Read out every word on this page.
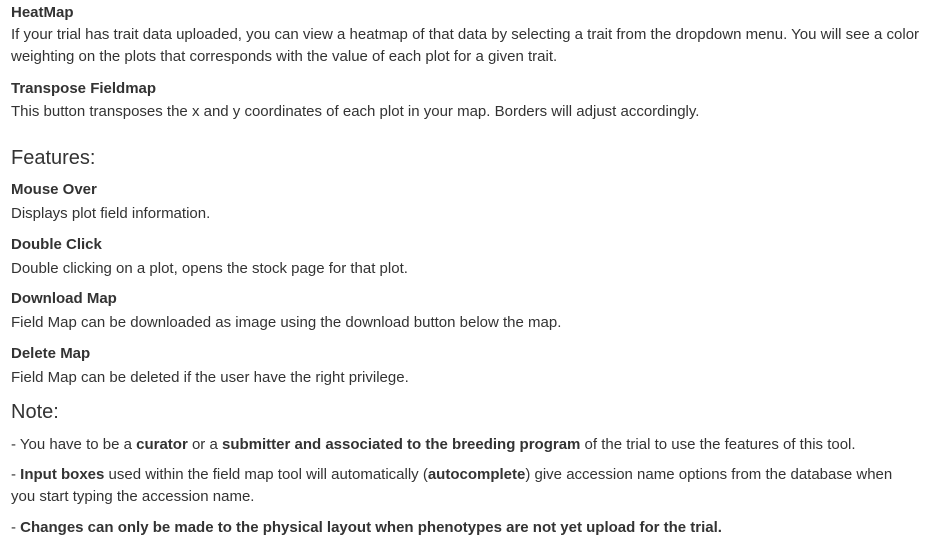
HeatMap

If your trial has trait data uploaded, you can view a heatmap of that data by selecting a trait from the dropdown menu. You will see a color weighting on the plots that corresponds with the value of each plot for a given trait.

Transpose Fieldmap

This button transposes the x and y coordinates of each plot in your map. Borders will adjust accordingly.

Features:

Mouse Over

Displays plot field information.

Double Click

Double clicking on a plot, opens the stock page for that plot.

Download Map

Field Map can be downloaded as image using the download button below the map.

Delete Map

Field Map can be deleted if the user have the right privilege.

Note:

- You have to be a curator or a submitter and associated to the breeding program of the trial to use the features of this tool.

- Input boxes used within the field map tool will automatically (autocomplete) give accession name options from the database when you start typing the accession name.

- Changes can only be made to the physical layout when phenotypes are not yet upload for the trial.
